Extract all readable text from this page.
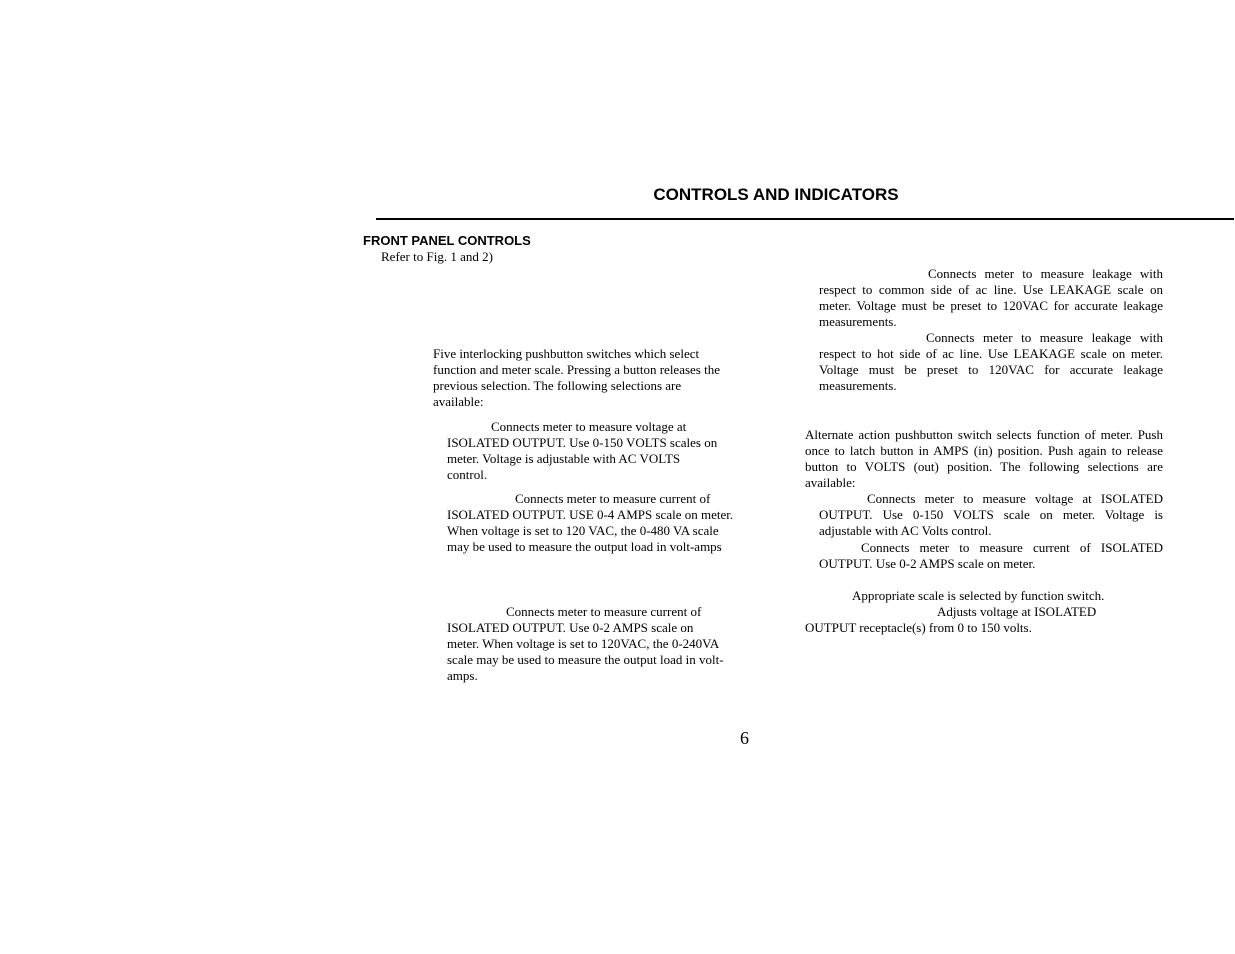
CONTROLS AND INDICATORS
FRONT PANEL CONTROLS
Refer to Fig. 1 and 2)

Five interlocking pushbutton switches which select function and meter scale. Pressing a button releases the previous selection. The following selections are available:

Connects meter to measure voltage at ISOLATED OUTPUT. Use 0-150 VOLTS scales on meter. Voltage is adjustable with AC VOLTS control.

Connects meter to measure current of ISOLATED OUTPUT. USE 0-4 AMPS scale on meter. When voltage is set to 120 VAC, the 0-480 VA scale may be used to measure the output load in volt-amps

Connects meter to measure current of ISOLATED OUTPUT. Use 0-2 AMPS scale on meter. When voltage is set to 120VAC, the 0-240VA scale may be used to measure the output load in volt-amps.

Connects meter to measure leakage with respect to common side of ac line. Use LEAKAGE scale on meter. Voltage must be preset to 120VAC for accurate leakage measurements.

Connects meter to measure leakage with respect to hot side of ac line. Use LEAKAGE scale on meter. Voltage must be preset to 120VAC for accurate leakage measurements.

Alternate action pushbutton switch selects function of meter. Push once to latch button in AMPS (in) position. Push again to release button to VOLTS (out) position. The following selections are available:

Connects meter to measure voltage at ISOLATED OUTPUT. Use 0-150 VOLTS scale on meter. Voltage is adjustable with AC Volts control.

Connects meter to measure current of ISOLATED OUTPUT. Use 0-2 AMPS scale on meter.

Appropriate scale is selected by function switch.

Adjusts voltage at ISOLATED

OUTPUT receptacle(s) from 0 to 150 volts.

6
